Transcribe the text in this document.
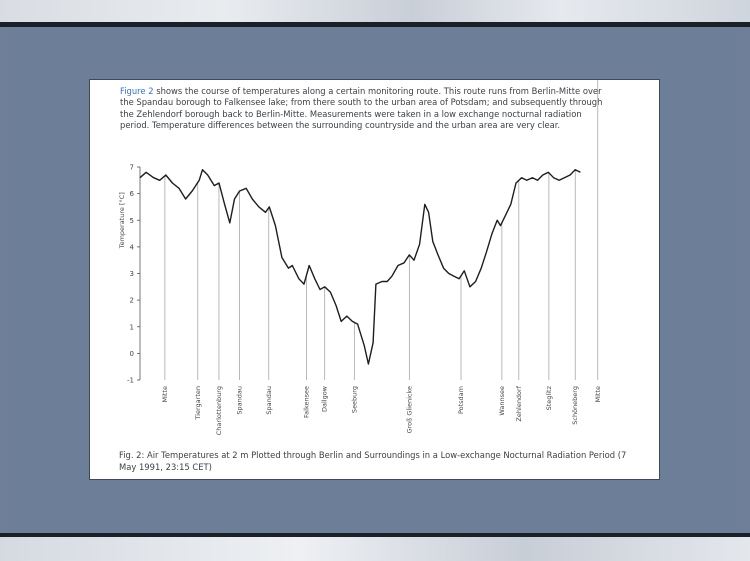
Figure 2 shows the course of temperatures along a certain monitoring route. This route runs from Berlin-Mitte over the Spandau borough to Falkensee lake; from there south to the urban area of Potsdam; and subsequently through the Zehlendorf borough back to Berlin-Mitte. Measurements were taken in a low exchange nocturnal radiation period. Temperature differences between the surrounding countryside and the urban area are very clear.

-1
0
1
2
3
4
5
6
7
Temperature [°C]
Mitte	Tiergarten Charlottenburg Spandau	Spandau	Falkensee Dallgow	Seeburg	Groß Glienicke	Potsdam	Wannsee Zehlendorf	Steglitz	Schöneberg Mitte

Fig. 2: Air Temperatures at 2 m Plotted through Berlin and Surroundings in a Low-exchange Nocturnal Radiation Period (7 May 1991, 23:15 CET)
